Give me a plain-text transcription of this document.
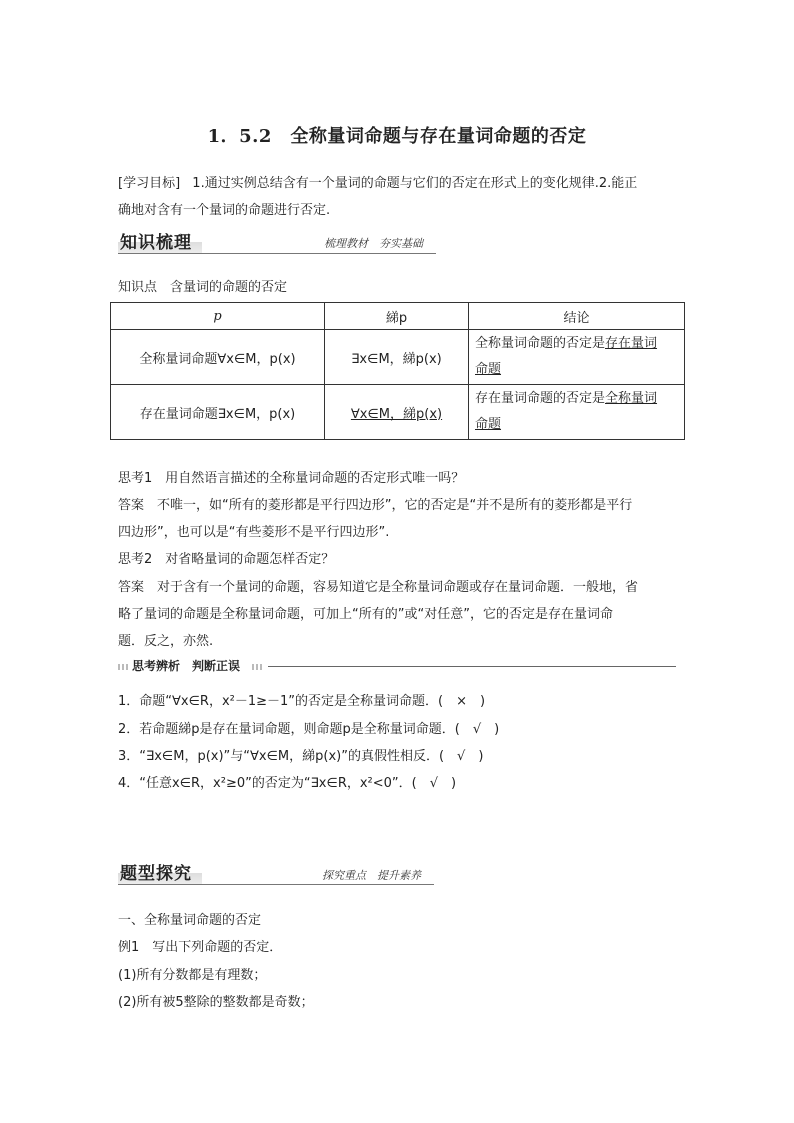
1．5.2　全称量词命题与存在量词命题的否定
[学习目标] 1.通过实例总结含有一个量词的命题与它们的否定在形式上的变化规律.2.能正
确地对含有一个量词的命题进行否定.
知识梳理	梳理教材　夯实基础
知识点　含量词的命题的否定
p	綈p	结论
全称量词命题∀x∈M，p(x)	∃x∈M，綈p(x)	全称量词命题的否定是存在量词
命题
存在量词命题∃x∈M，p(x)	∀x∈M，綈p(x)	存在量词命题的否定是全称量词
命题
思考1　用自然语言描述的全称量词命题的否定形式唯一吗？
答案　不唯一，如“所有的菱形都是平行四边形”，它的否定是“并不是所有的菱形都是平行
四边形”，也可以是“有些菱形不是平行四边形”.
思考2　对省略量词的命题怎样否定？
答案　对于含有一个量词的命题，容易知道它是全称量词命题或存在量词命题．一般地，省
略了量词的命题是全称量词命题，可加上“所有的”或“对任意”，它的否定是存在量词命
题．反之，亦然.
思考辨析　判断正误
1．命题“∀x∈R，x²－1≥－1”的否定是全称量词命题．(　×　)
2．若命题綈p是存在量词命题，则命题p是全称量词命题．(　√　)
3．“∃x∈M，p(x)”与“∀x∈M，綈p(x)”的真假性相反．(　√　)
4．“任意x∈R，x²≥0”的否定为“∃x∈R，x²<0”．(　√　)
题型探究	探究重点　提升素养
一、全称量词命题的否定
例1　写出下列命题的否定．
(1)所有分数都是有理数；
(2)所有被5整除的整数都是奇数；
